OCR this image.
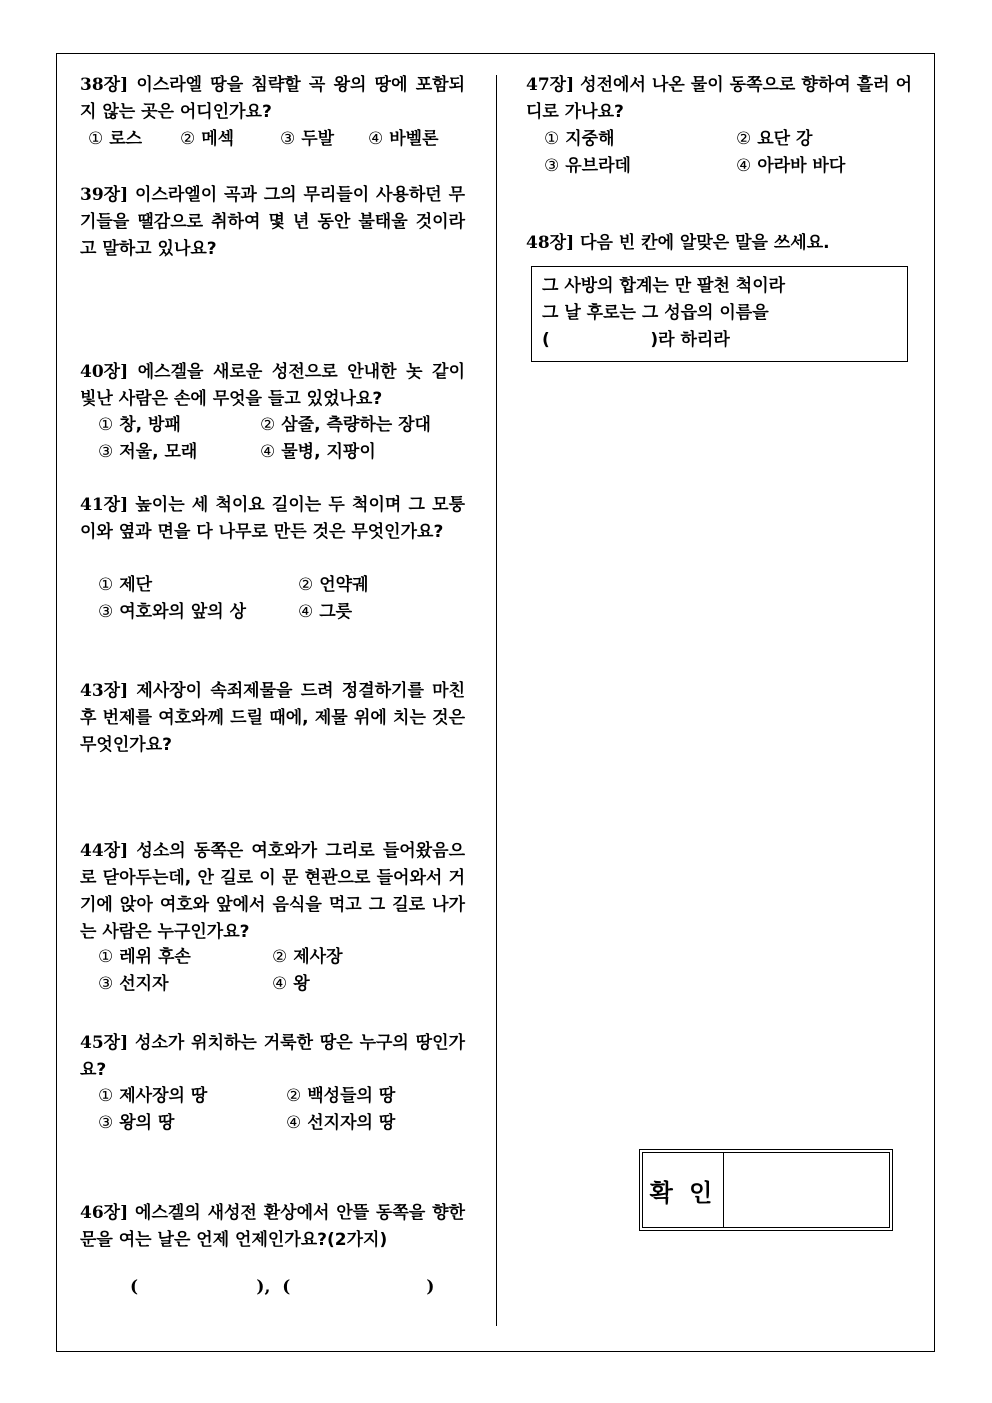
38장] 이스라엘 땅을 침략할 곡 왕의 땅에 포함되지 않는 곳은 어디인가요?
① 로스 ② 메섹	③ 두발 ④ 바벨론
39장] 이스라엘이 곡과 그의 무리들이 사용하던 무기들을 땔감으로 취하여 몇 년 동안 불태울 것이라고 말하고 있나요?
40장] 에스겔을 새로운 성전으로 안내한 놋 같이 빛난 사람은 손에 무엇을 들고 있었나요?
① 창, 방패	② 삼줄, 측량하는 장대
③ 저울, 모래	④ 물병, 지팡이
41장] 높이는 세 척이요 길이는 두 척이며 그 모퉁이와 옆과 면을 다 나무로 만든 것은 무엇인가요?
① 제단	② 언약궤
③ 여호와의 앞의 상	④ 그릇
43장] 제사장이 속죄제물을 드려 정결하기를 마친 후 번제를 여호와께 드릴 때에, 제물 위에 치는 것은 무엇인가요?
44장] 성소의 동쪽은 여호와가 그리로 들어왔음으로 닫아두는데, 안 길로 이 문 현관으로 들어와서 거기에 앉아 여호와 앞에서 음식을 먹고 그 길로 나가는 사람은 누구인가요?
① 레위 후손	② 제사장
③ 선지자	④ 왕
45장] 성소가 위치하는 거룩한 땅은 누구의 땅인가요?
① 제사장의 땅	② 백성들의 땅
③ 왕의 땅	④ 선지자의 땅
46장] 에스겔의 새성전 환상에서 안뜰 동쪽을 향한 문을 여는 날은 언제 언제인가요?(2가지)
(                    ),  (                       )
47장] 성전에서 나온 물이 동쪽으로 향하여 흘러 어디로 가나요?
① 지중해	② 요단 강
③ 유브라데	④ 아라바 바다
48장] 다음 빈 칸에 알맞은 말을 쓰세요.
그 사방의 합계는 만 팔천 척이라
그 날 후로는 그 성읍의 이름을
(                 )라 하리라
확 인
